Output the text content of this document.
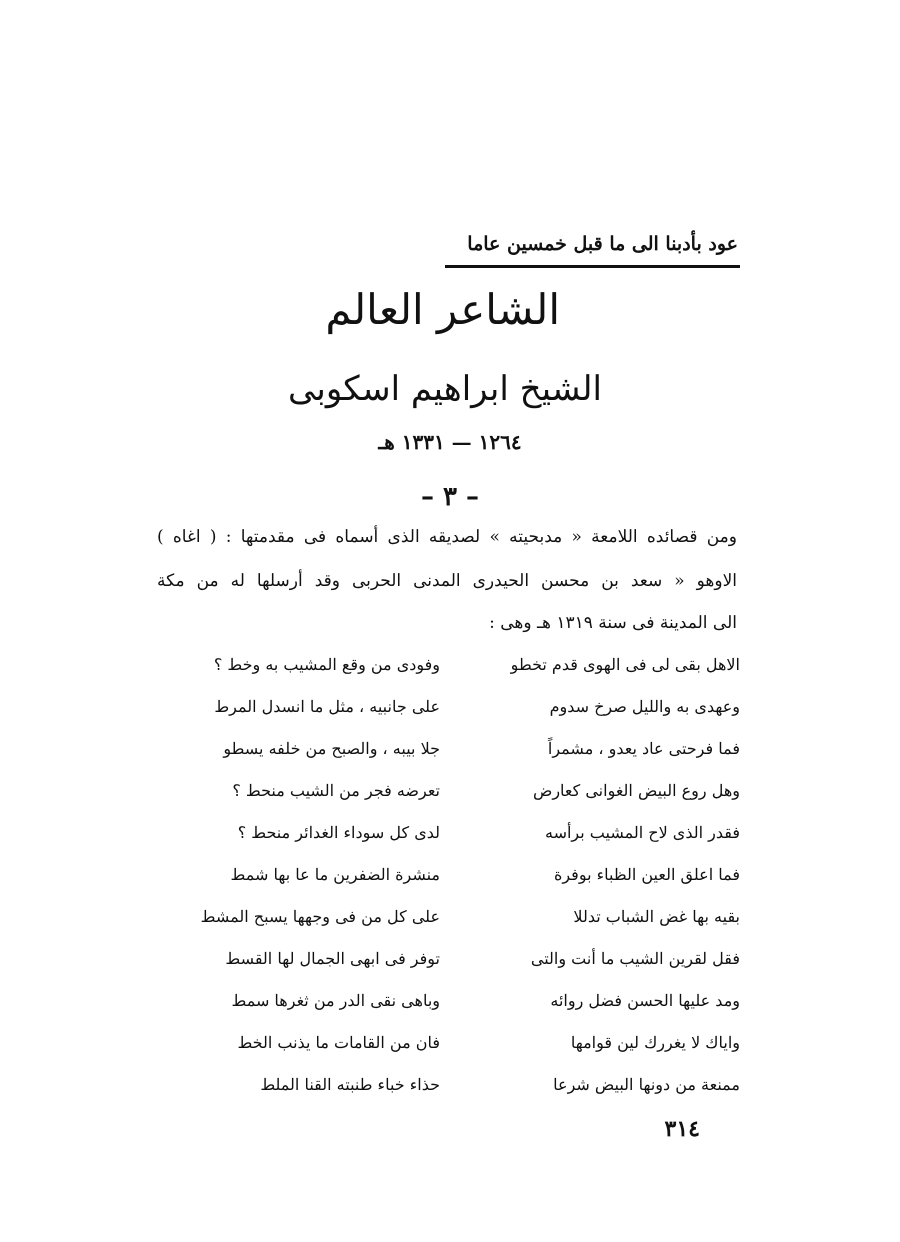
عود بأدبنا الى ما قبل خمسين عاما
الشاعر العالم
الشيخ ابراهيم اسكوبى
١٢٦٤ — ١٣٣١ هـ
– ٣ –
ومن قصائده اللامعة « مدبحيته » لصديقه الذى أسماه فى مقدمتها : ( اغاه )
الاوهو « سعد بن محسن الحيدرى المدنى الحربى وقد أرسلها له من مكة
الى المدينة فى سنة ١٣١٩ هـ وهى :
الاهل بقى لى فى الهوى قدم تخطو
وفودى من وقع المشيب به وخط ؟
وعهدى به والليل صرخ سدوم
على جانبيه ، مثل ما انسدل المرط
فما فرحتى عاد يعدو ، مشمراً
جلا بيبه ، والصبح من خلفه يسطو
وهل روع البيض الغوانى كعارض
تعرضه فجر من الشيب منحط ؟
فقدر الذى لاح المشيب برأسه
لدى كل سوداء الغدائر منحط ؟
فما اعلق العين الظباء بوفرة
منشرة الضفرين ما عا بها شمط
بقيه بها غض الشباب تدللا
على كل من فى وجهها يسبح المشط
فقل لقرين الشيب ما أنت والتى
توفر فى ابهى الجمال لها القسط
ومد عليها الحسن فضل روائه
وباهى نقى الدر من ثغرها سمط
واياك لا يغررك لين قوامها
فان من القامات ما يذنب الخط
ممنعة من دونها البيض شرعا
حذاء خباء طنبته القنا الملط
٣١٤
